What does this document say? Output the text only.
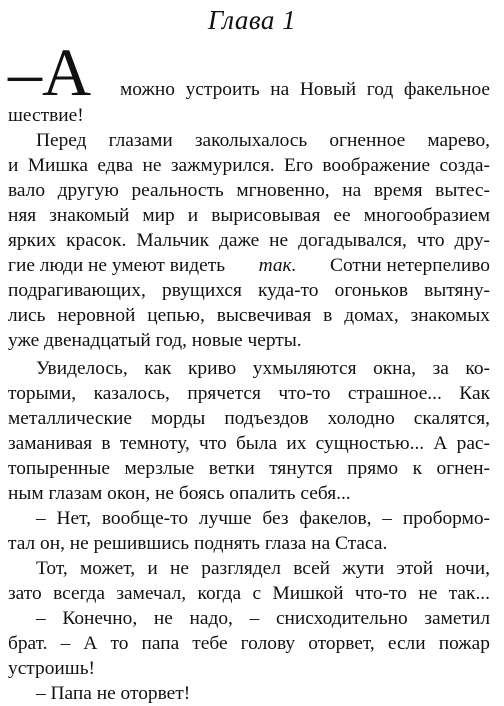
Глава 1
–А можно устроить на Новый год факельное
шествие!
Перед глазами заколыхалось огненное марево,
и Мишка едва не зажмурился. Его воображение созда-
вало другую реальность мгновенно, на время вытес-
няя знакомый мир и вырисовывая ее многообразием
ярких красок. Мальчик даже не догадывался, что дру-
гие люди не умеют видеть так. Сотни нетерпеливо
подрагивающих, рвущихся куда-то огоньков вытяну-
лись неровной цепью, высвечивая в домах, знакомых
уже двенадцатый год, новые черты.
Увиделось, как криво ухмыляются окна, за ко-
торыми, казалось, прячется что-то страшное... Как
металлические морды подъездов холодно скалятся,
заманивая в темноту, что была их сущностью... А рас-
топыренные мерзлые ветки тянутся прямо к огнен-
ным глазам окон, не боясь опалить себя...
– Нет, вообще-то лучше без факелов, – пробормо-
тал он, не решившись поднять глаза на Стаса.
Тот, может, и не разглядел всей жути этой ночи,
зато всегда замечал, когда с Мишкой что-то не так...
– Конечно, не надо, – снисходительно заметил
брат. – А то папа тебе голову оторвет, если пожар
устроишь!
– Папа не оторвет!
